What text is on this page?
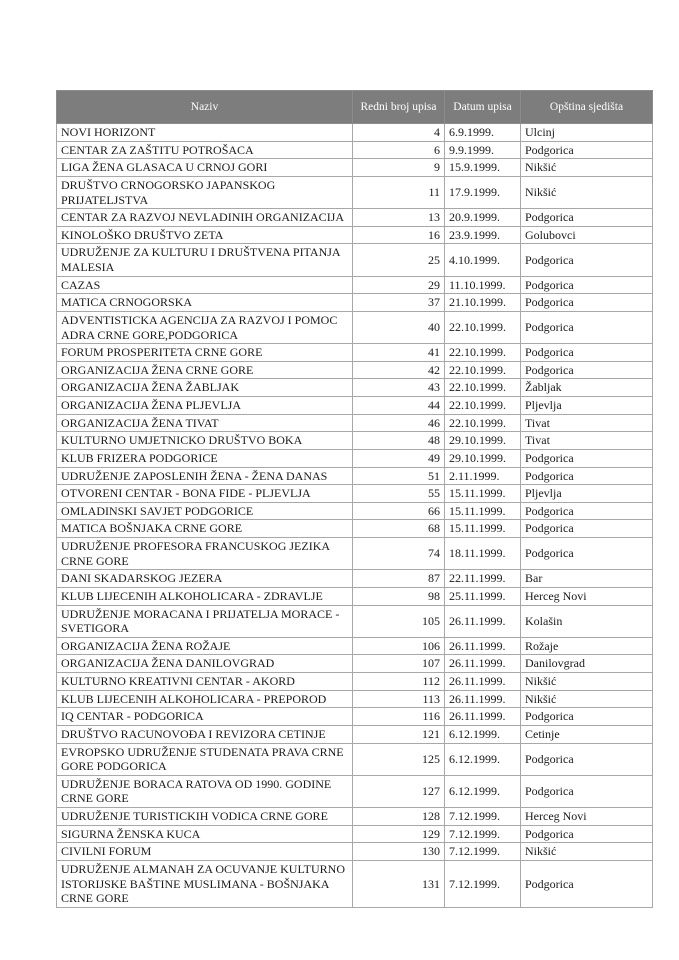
Naziv	Redni broj upisa	Datum upisa	Opština sjedišta
NOVI HORIZONT	4	6.9.1999.	Ulcinj
CENTAR ZA ZAŠTITU POTROŠACA	6	9.9.1999.	Podgorica
LIGA ŽENA GLASACA U CRNOJ GORI	9	15.9.1999.	Nikšić
DRUŠTVO CRNOGORSKO JAPANSKOG PRIJATELJSTVA	11	17.9.1999.	Nikšić
CENTAR ZA RAZVOJ NEVLADINIH ORGANIZACIJA	13	20.9.1999.	Podgorica
KINOLOŠKO DRUŠTVO ZETA	16	23.9.1999.	Golubovci
UDRUŽENJE ZA KULTURU I DRUŠTVENA PITANJA MALESIA	25	4.10.1999.	Podgorica
CAZAS	29	11.10.1999.	Podgorica
MATICA CRNOGORSKA	37	21.10.1999.	Podgorica
ADVENTISTICKA AGENCIJA ZA RAZVOJ I POMOC ADRA CRNE GORE,PODGORICA	40	22.10.1999.	Podgorica
FORUM PROSPERITETA CRNE GORE	41	22.10.1999.	Podgorica
ORGANIZACIJA ŽENA CRNE GORE	42	22.10.1999.	Podgorica
ORGANIZACIJA ŽENA ŽABLJAK	43	22.10.1999.	Žabljak
ORGANIZACIJA ŽENA PLJEVLJA	44	22.10.1999.	Pljevlja
ORGANIZACIJA ŽENA TIVAT	46	22.10.1999.	Tivat
KULTURNO UMJETNICKO DRUŠTVO BOKA	48	29.10.1999.	Tivat
KLUB FRIZERA PODGORICE	49	29.10.1999.	Podgorica
UDRUŽENJE ZAPOSLENIH ŽENA - ŽENA DANAS	51	2.11.1999.	Podgorica
OTVORENI CENTAR - BONA FIDE - PLJEVLJA	55	15.11.1999.	Pljevlja
OMLADINSKI SAVJET PODGORICE	66	15.11.1999.	Podgorica
MATICA BOŠNJAKA CRNE GORE	68	15.11.1999.	Podgorica
UDRUŽENJE PROFESORA FRANCUSKOG JEZIKA CRNE GORE	74	18.11.1999.	Podgorica
DANI SKADARSKOG JEZERA	87	22.11.1999.	Bar
KLUB LIJECENIH ALKOHOLICARA - ZDRAVLJE	98	25.11.1999.	Herceg Novi
UDRUŽENJE MORACANA I PRIJATELJA MORACE - SVETIGORA	105	26.11.1999.	Kolašin
ORGANIZACIJA ŽENA ROŽAJE	106	26.11.1999.	Rožaje
ORGANIZACIJA ŽENA DANILOVGRAD	107	26.11.1999.	Danilovgrad
KULTURNO KREATIVNI CENTAR - AKORD	112	26.11.1999.	Nikšić
KLUB LIJECENIH ALKOHOLICARA - PREPOROD	113	26.11.1999.	Nikšić
IQ CENTAR - PODGORICA	116	26.11.1999.	Podgorica
DRUŠTVO RACUNOVOĐA I REVIZORA CETINJE	121	6.12.1999.	Cetinje
EVROPSKO UDRUŽENJE STUDENATA PRAVA CRNE GORE PODGORICA	125	6.12.1999.	Podgorica
UDRUŽENJE BORACA RATOVA OD 1990. GODINE CRNE GORE	127	6.12.1999.	Podgorica
UDRUŽENJE TURISTICKIH VODICA CRNE GORE	128	7.12.1999.	Herceg Novi
SIGURNA ŽENSKA KUCA	129	7.12.1999.	Podgorica
CIVILNI FORUM	130	7.12.1999.	Nikšić
UDRUŽENJE ALMANAH ZA OCUVANJE KULTURNO ISTORIJSKE BAŠTINE MUSLIMANA - BOŠNJAKA CRNE GORE	131	7.12.1999.	Podgorica
